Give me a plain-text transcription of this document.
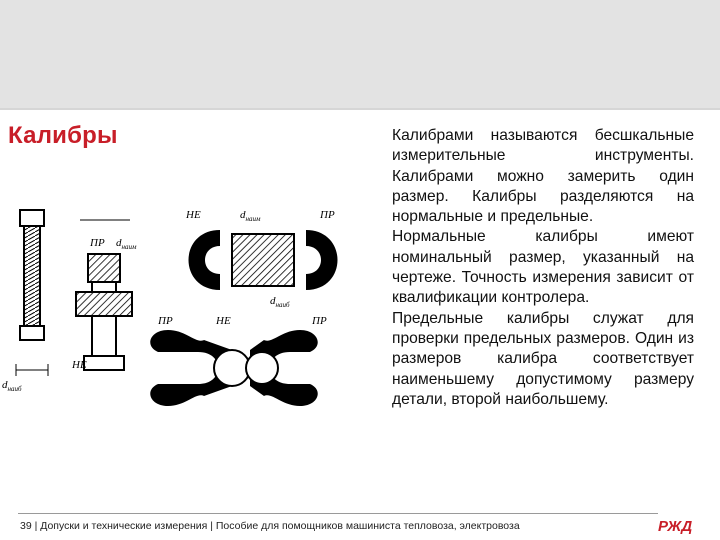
Калибры
$d_{наиб}$
ПР $d_{наим}$
НЕ
НЕ	$d_{наим}$	ПР
$d_{наиб}$
ПР	НЕ	ПР

Калибрами называются бесшкальные измерительные инструменты. Калибрами можно замерить один размер. Калибры разделяются на нормальные и предельные.

Нормальные калибры имеют номинальный размер, указанный на чертеже. Точность измерения зависит от квалификации контролера.

Предельные калибры служат для проверки предельных размеров. Один из размеров калибра соответствует наименьшему допустимому размеру детали, второй наибольшему.

39 | Допуски и технические измерения | Пособие для помощников машиниста тепловоза, электровоза	РЖД
